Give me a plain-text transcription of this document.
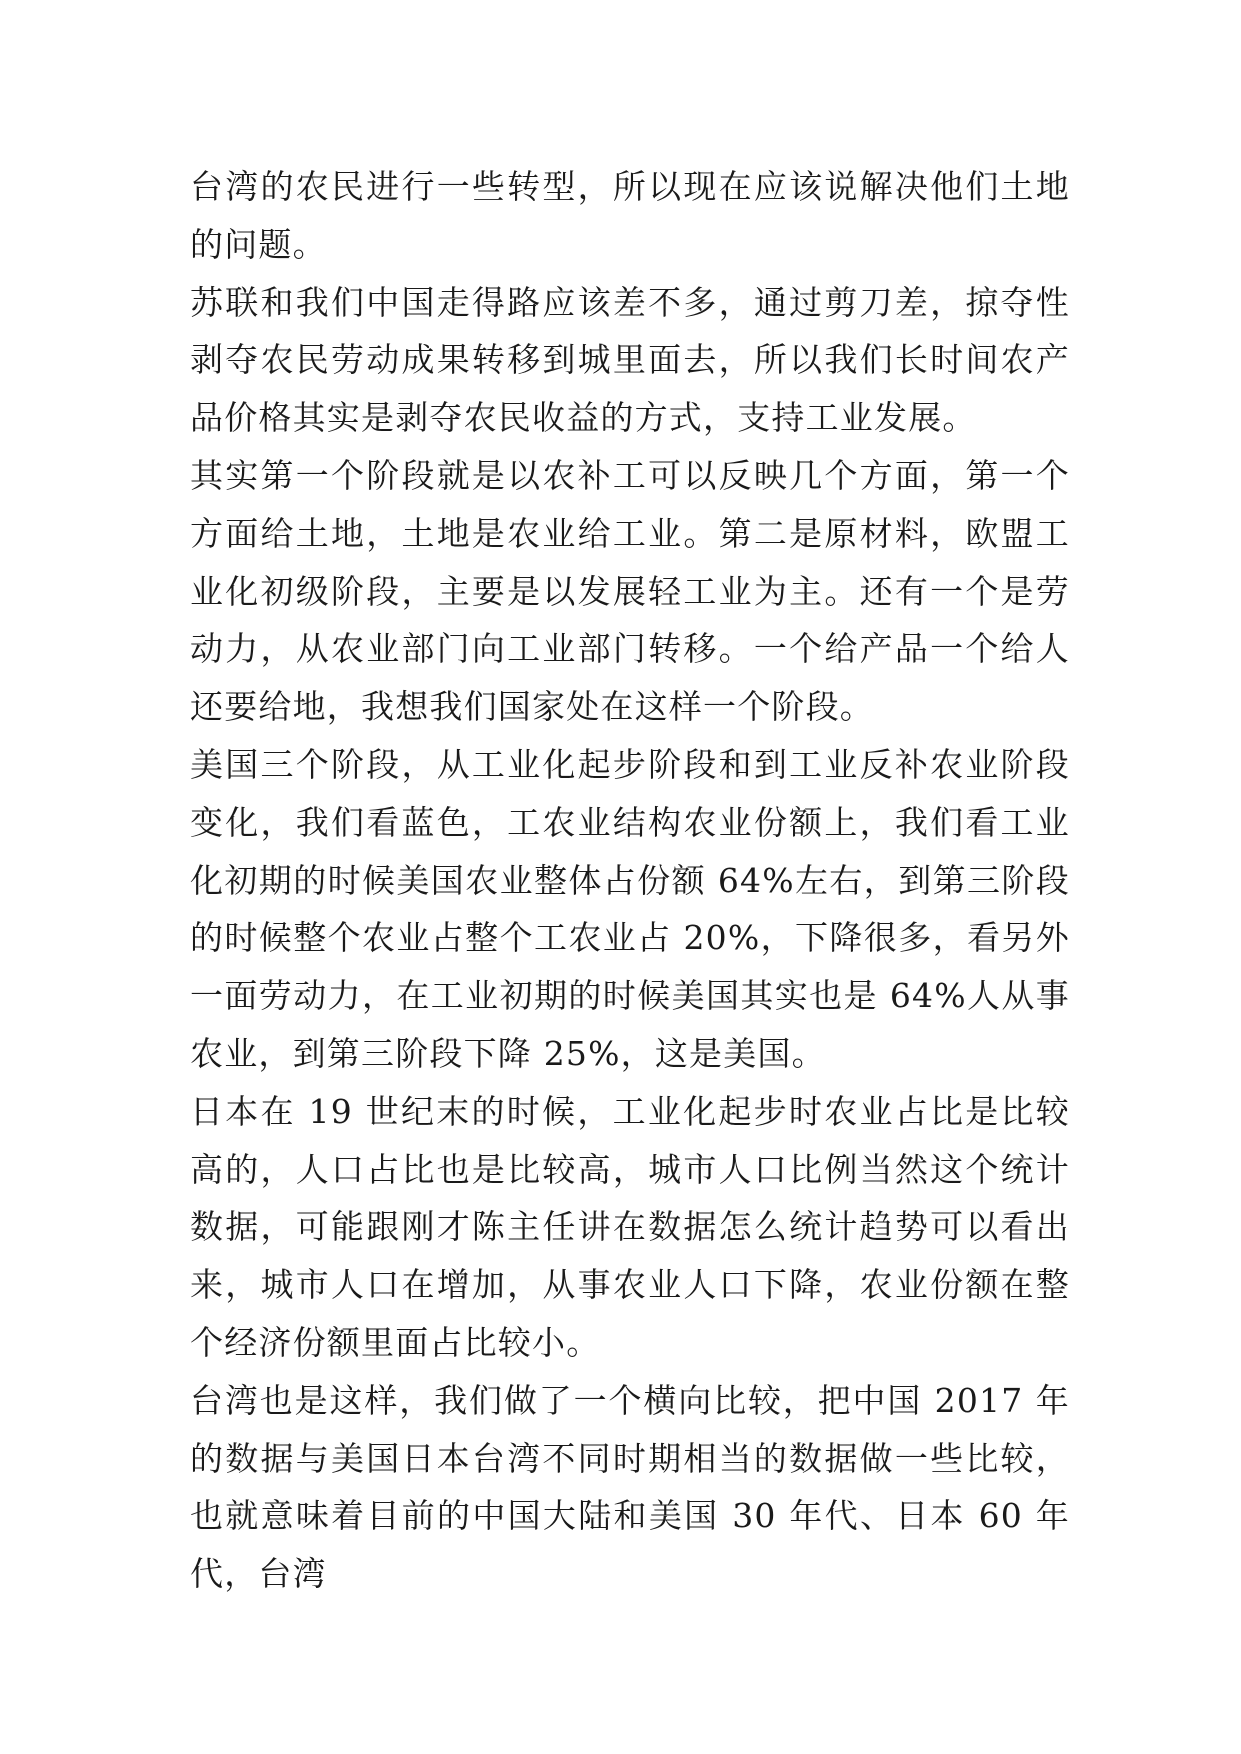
台湾的农民进行一些转型，所以现在应该说解决他们土地的问题。

苏联和我们中国走得路应该差不多，通过剪刀差，掠夺性剥夺农民劳动成果转移到城里面去，所以我们长时间农产品价格其实是剥夺农民收益的方式，支持工业发展。

其实第一个阶段就是以农补工可以反映几个方面，第一个方面给土地，土地是农业给工业。第二是原材料，欧盟工业化初级阶段，主要是以发展轻工业为主。还有一个是劳动力，从农业部门向工业部门转移。一个给产品一个给人还要给地，我想我们国家处在这样一个阶段。

美国三个阶段，从工业化起步阶段和到工业反补农业阶段变化，我们看蓝色，工农业结构农业份额上，我们看工业化初期的时候美国农业整体占份额 64%左右，到第三阶段的时候整个农业占整个工农业占 20%，下降很多，看另外一面劳动力，在工业初期的时候美国其实也是 64%人从事农业，到第三阶段下降 25%，这是美国。

日本在 19 世纪末的时候，工业化起步时农业占比是比较高的，人口占比也是比较高，城市人口比例当然这个统计数据，可能跟刚才陈主任讲在数据怎么统计趋势可以看出来，城市人口在增加，从事农业人口下降，农业份额在整个经济份额里面占比较小。

台湾也是这样，我们做了一个横向比较，把中国 2017 年的数据与美国日本台湾不同时期相当的数据做一些比较，也就意味着目前的中国大陆和美国 30 年代、日本 60 年代，台湾
